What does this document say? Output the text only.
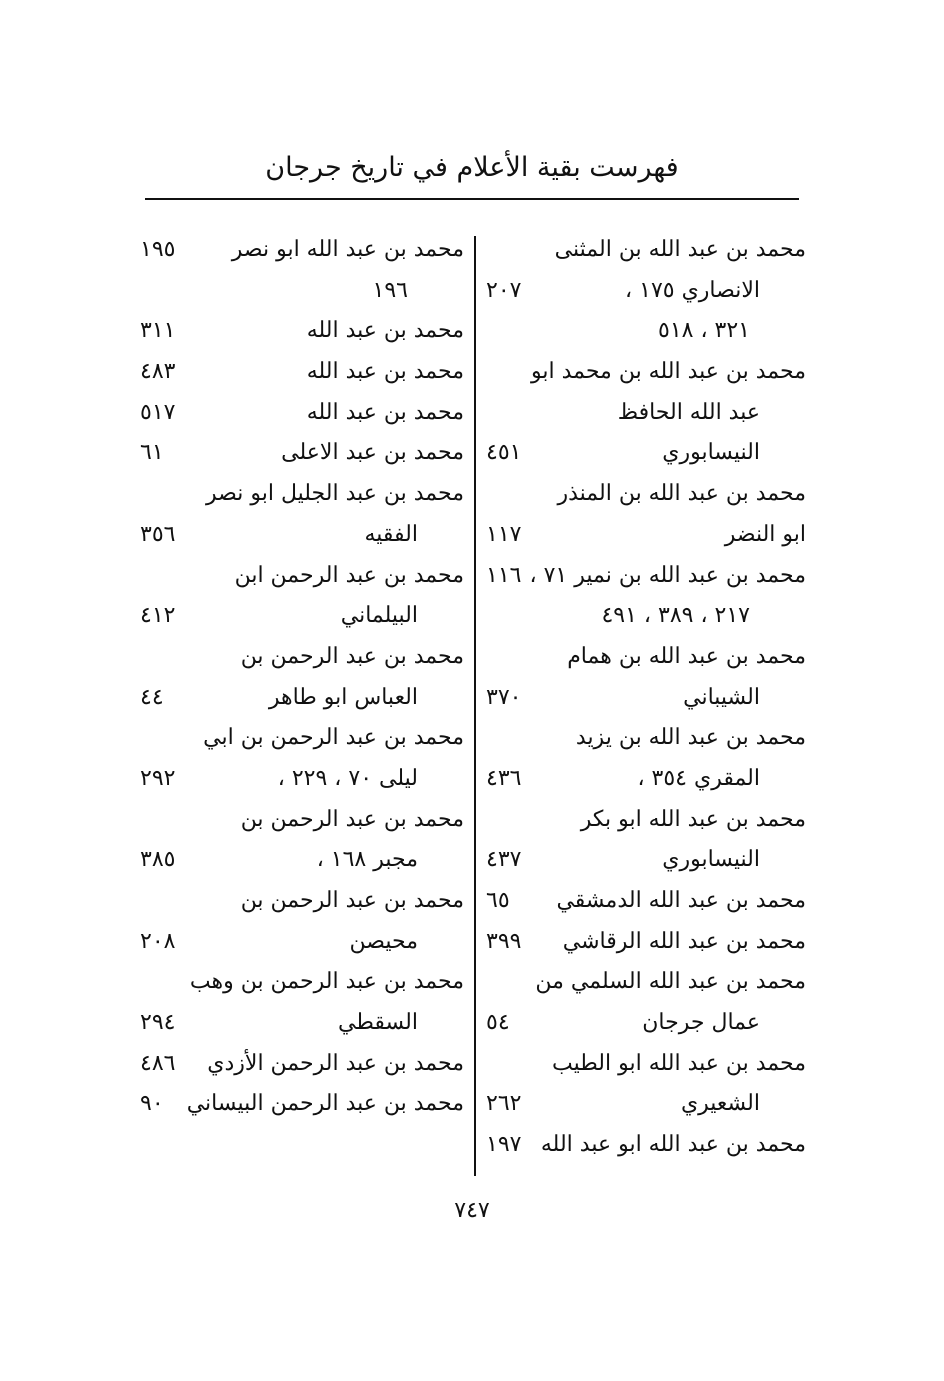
فهرست بقية الأعلام في تاريخ جرجان
محمد بن عبد الله بن المثنى
الانصاري ١٧٥ ،
٢٠٧
٣٢١ ، ٥١٨
محمد بن عبد الله بن محمد ابو
عبد الله الحافظ
النيسابوري
٤٥١
محمد بن عبد الله بن المنذر
ابو النضر
١١٧
محمد بن عبد الله بن نمير ٧١ ،
١١٦
٢١٧ ، ٣٨٩ ، ٤٩١
محمد بن عبد الله بن همام
الشيباني
٣٧٠
محمد بن عبد الله بن يزيد
المقري ٣٥٤ ،
٤٣٦
محمد بن عبد الله ابو بكر
النيسابوري
٤٣٧
محمد بن عبد الله الدمشقي
٦٥
محمد بن عبد الله الرقاشي
٣٩٩
محمد بن عبد الله السلمي من
عمال جرجان
٥٤
محمد بن عبد الله ابو الطيب
الشعيري
٢٦٢
محمد بن عبد الله ابو عبد الله
١٩٧
محمد بن عبد الله ابو نصر
١٩٥
١٩٦
محمد بن عبد الله
٣١١
محمد بن عبد الله
٤٨٣
محمد بن عبد الله
٥١٧
محمد بن عبد الاعلى
٦١
محمد بن عبد الجليل ابو نصر
الفقيه
٣٥٦
محمد بن عبد الرحمن ابن
البيلماني
٤١٢
محمد بن عبد الرحمن بن
العباس ابو طاهر
٤٤
محمد بن عبد الرحمن بن ابي
ليلى ٧٠ ، ٢٢٩ ،
٢٩٢
محمد بن عبد الرحمن بن
مجبر ١٦٨ ،
٣٨٥
محمد بن عبد الرحمن بن
محيصن
٢٠٨
محمد بن عبد الرحمن بن وهب
السقطي
٢٩٤
محمد بن عبد الرحمن الأزدي
٤٨٦
محمد بن عبد الرحمن البيساني
٩٠
٧٤٧
